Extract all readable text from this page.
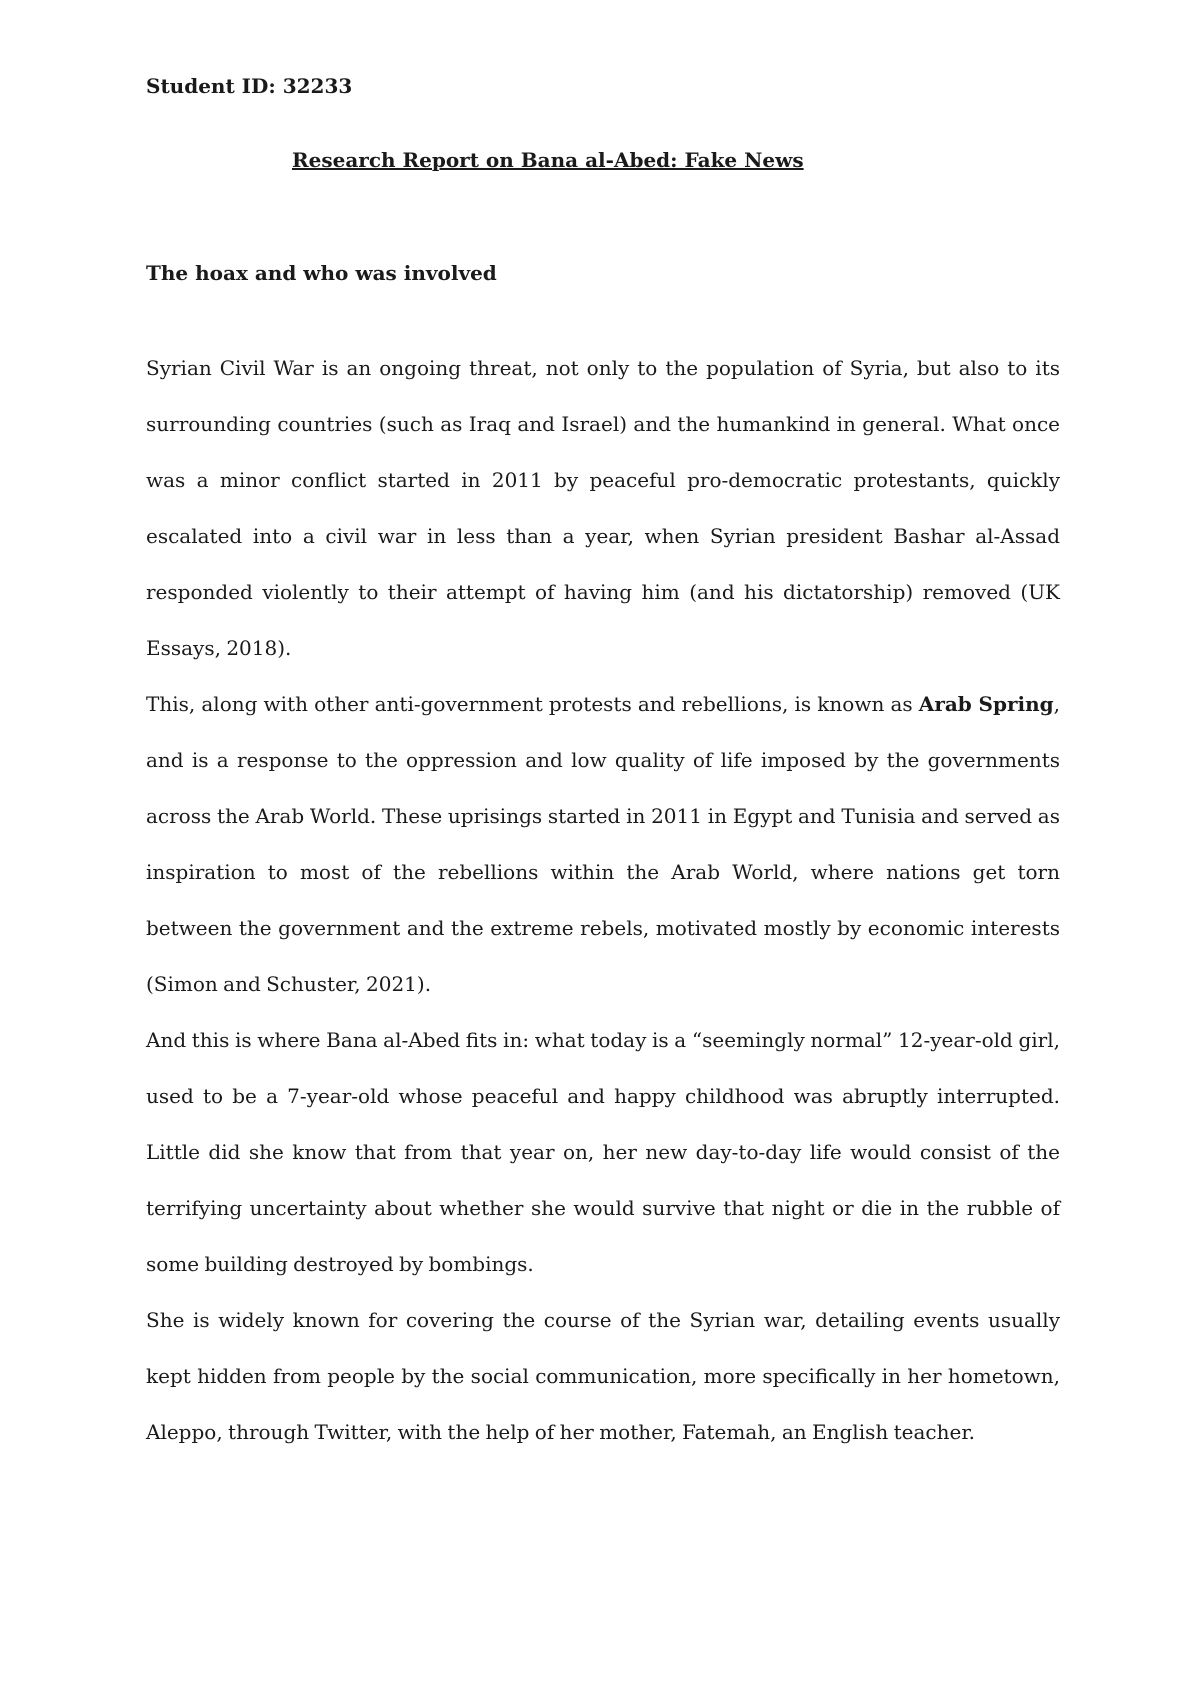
Student ID: 32233

Research Report on Bana al-Abed: Fake News

The hoax and who was involved

Syrian Civil War is an ongoing threat, not only to the population of Syria, but also to its surrounding countries (such as Iraq and Israel) and the humankind in general. What once was a minor conflict started in 2011 by peaceful pro-democratic protestants, quickly escalated into a civil war in less than a year, when Syrian president Bashar al-Assad responded violently to their attempt of having him (and his dictatorship) removed (UK Essays, 2018).

This, along with other anti-government protests and rebellions, is known as Arab Spring, and is a response to the oppression and low quality of life imposed by the governments across the Arab World. These uprisings started in 2011 in Egypt and Tunisia and served as inspiration to most of the rebellions within the Arab World, where nations get torn between the government and the extreme rebels, motivated mostly by economic interests (Simon and Schuster, 2021).

And this is where Bana al-Abed fits in: what today is a “seemingly normal” 12-year-old girl, used to be a 7-year-old whose peaceful and happy childhood was abruptly interrupted. Little did she know that from that year on, her new day-to-day life would consist of the terrifying uncertainty about whether she would survive that night or die in the rubble of some building destroyed by bombings.

She is widely known for covering the course of the Syrian war, detailing events usually kept hidden from people by the social communication, more specifically in her hometown, Aleppo, through Twitter, with the help of her mother, Fatemah, an English teacher.
